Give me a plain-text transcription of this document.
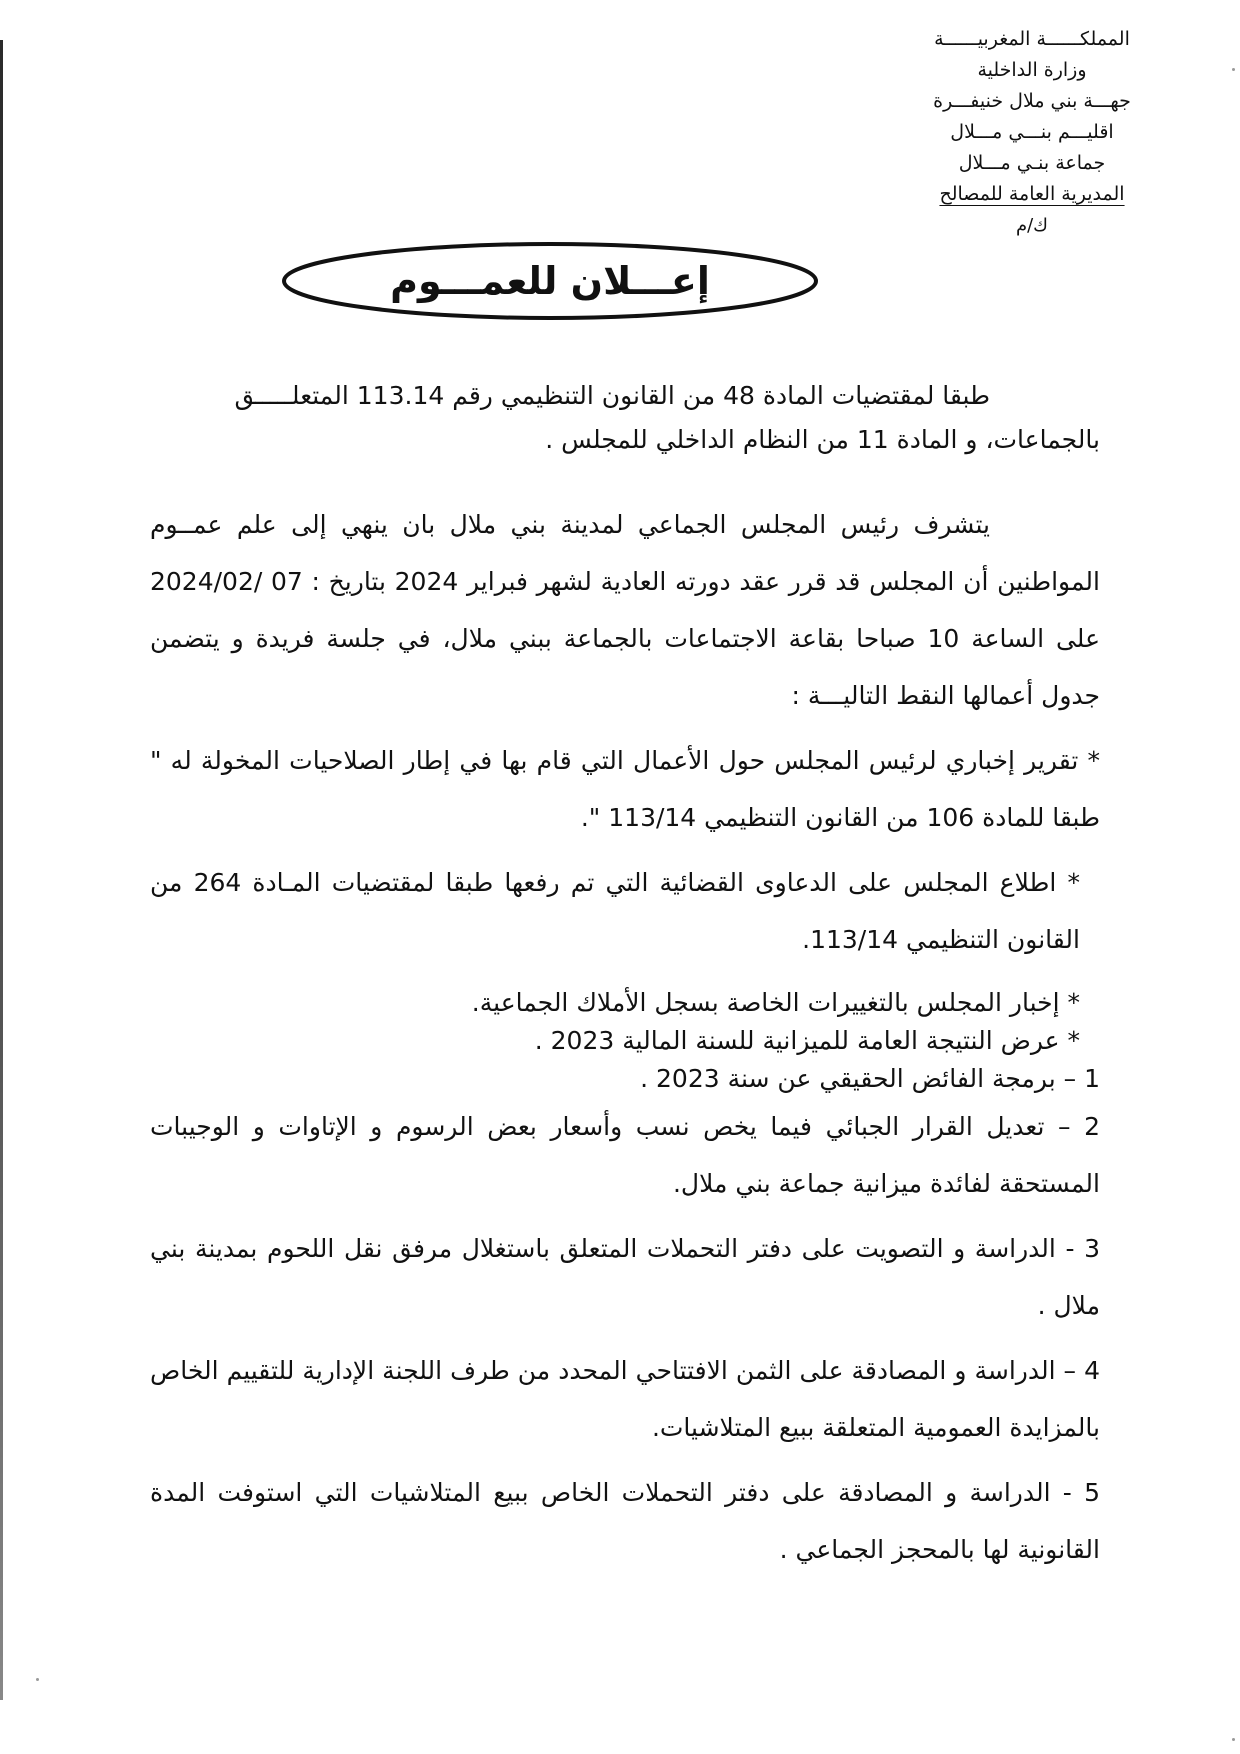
المملكــــــة المغربيــــــة
وزارة الداخلية
جهـــة بني ملال خنيفـــرة
اقليـــم بنـــي مـــلال
جماعة بنـي مـــلال
المديرية العامة للمصالح
ك/م
إعـــلان للعمـــوم

طبقا لمقتضيات المادة 48 من القانون التنظيمي رقم 113.14 المتعلـــــق

بالجماعات، و المادة 11 من النظام الداخلي للمجلس .

يتشرف رئيس المجلس الجماعي لمدينة بني ملال بان ينهي إلى علم عمــوم المواطنين أن المجلس قد قرر عقد دورته العادية لشهر فبراير 2024 بتاريخ : 07 /2024/02 على الساعة 10 صباحا بقاعة الاجتماعات بالجماعة ببني ملال، في جلسة فريدة و يتضمن جدول أعمالها النقط التاليـــة :

* تقرير إخباري لرئيس المجلس حول الأعمال التي قام بها في إطار الصلاحيات المخولة له " طبقا للمادة 106 من القانون التنظيمي 113/14 ".

* اطلاع المجلس على الدعاوى القضائية التي تم رفعها طبقا لمقتضيات المـادة 264 من القانون التنظيمي 113/14.

* إخبار المجلس بالتغييرات الخاصة بسجل الأملاك الجماعية.

* عرض النتيجة العامة للميزانية للسنة المالية 2023 .

1 – برمجة الفائض الحقيقي عن سنة 2023 .

2 – تعديل القرار الجبائي فيما يخص نسب وأسعار بعض الرسوم و الإتاوات و الوجيبات المستحقة لفائدة ميزانية جماعة بني ملال.

3 - الدراسة و التصويت على دفتر التحملات المتعلق باستغلال مرفق نقل اللحوم بمدينة بني ملال .

4 – الدراسة و المصادقة على الثمن الافتتاحي المحدد من طرف اللجنة الإدارية للتقييم الخاص بالمزايدة العمومية المتعلقة ببيع المتلاشيات.

5 - الدراسة و المصادقة على دفتر التحملات الخاص ببيع المتلاشيات التي استوفت المدة القانونية لها بالمحجز الجماعي .
